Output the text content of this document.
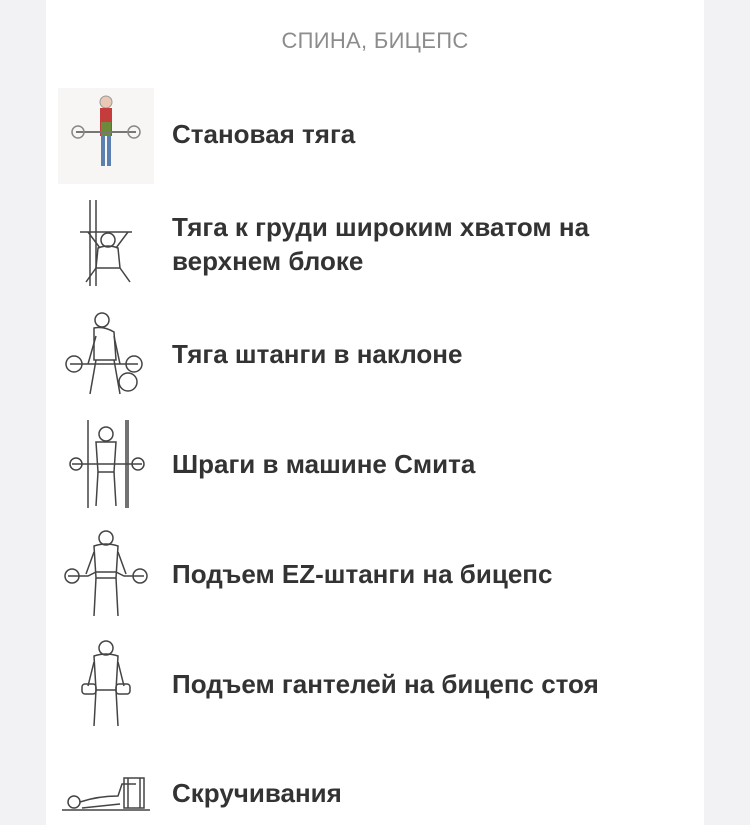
СПИНА, БИЦЕПС
Становая тяга
Тяга к груди широким хватом на верхнем блоке
Тяга штанги в наклоне
Шраги в машине Смита
Подъем EZ-штанги на бицепс
Подъем гантелей на бицепс стоя
Скручивания
